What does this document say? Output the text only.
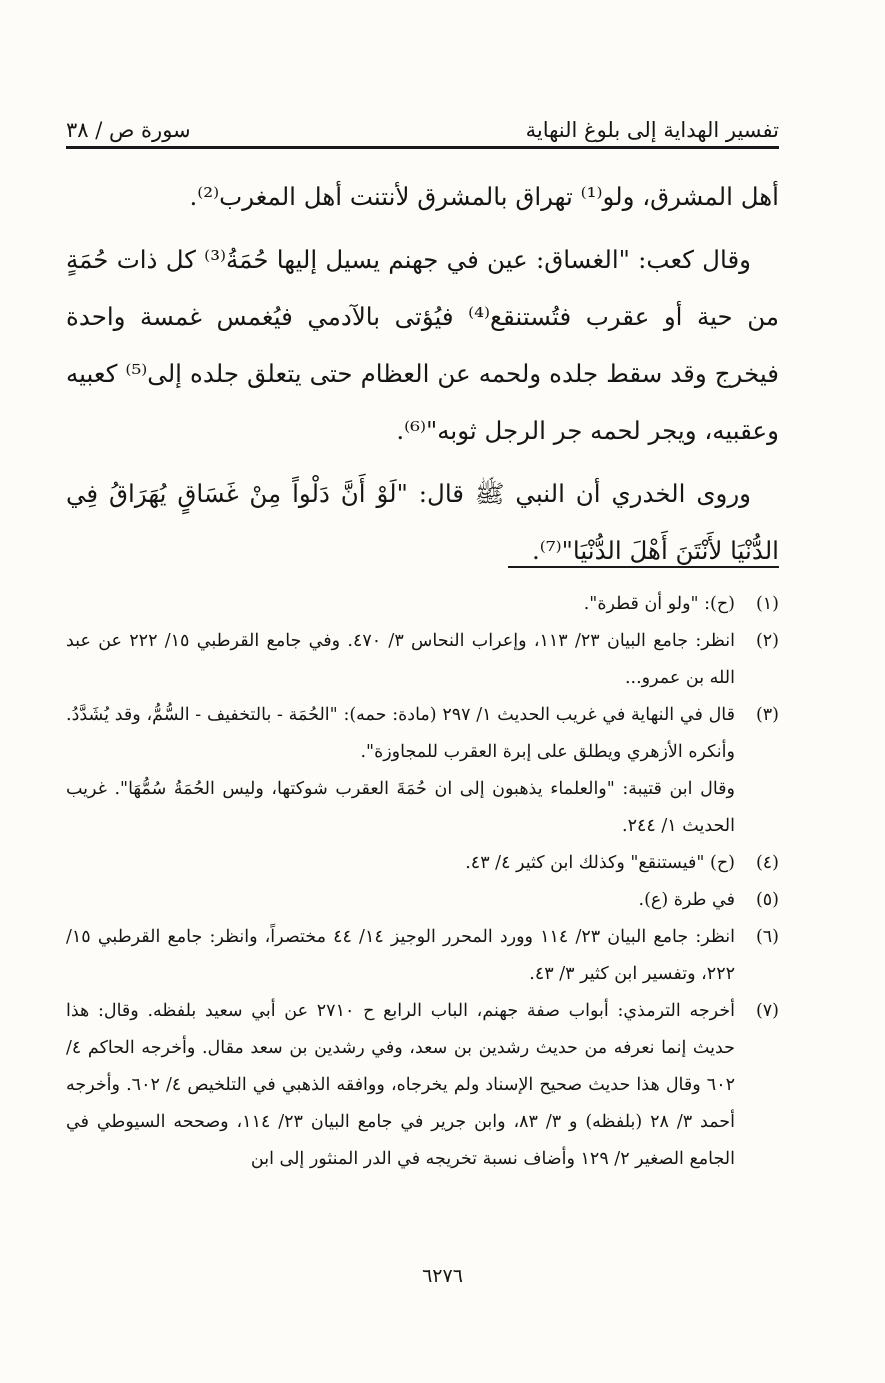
تفسير الهداية إلى بلوغ النهاية
سورة ص / ٣٨

أهل المشرق، ولو⁽¹⁾ تهراق بالمشرق لأنتنت أهل المغرب⁽²⁾.

وقال كعب: "الغساق: عين في جهنم يسيل إليها حُمَةُ⁽³⁾ كل ذات حُمَةٍ من حية أو عقرب فتُستنقع⁽⁴⁾ فيُؤتى بالآدمي فيُغمس غمسة واحدة فيخرج وقد سقط جلده ولحمه عن العظام حتى يتعلق جلده إلى⁽⁵⁾ كعبيه وعقبيه، ويجر لحمه جر الرجل ثوبه"⁽⁶⁾.

وروى الخدري أن النبي ﷺ قال: "لَوْ أَنَّ دَلْواً مِنْ غَسَاقٍ يُهَرَاقُ فِي الدُّنْيَا لأَنْتَنَ أَهْلَ الدُّنْيَا"⁽⁷⁾.

(١)

(ح): "ولو أن قطرة".

(٢)

انظر: جامع البيان ٢٣/ ١١٣، وإعراب النحاس ٣/ ٤٧٠. وفي جامع القرطبي ١٥/ ٢٢٢ عن عبد الله بن عمرو...

(٣)

قال في النهاية في غريب الحديث ١/ ٢٩٧ (مادة: حمه): "الحُمَة - بالتخفيف - السُّمُّ، وقد يُشَدَّدُ. وأنكره الأزهري ويطلق على إبرة العقرب للمجاوزة".

وقال ابن قتيبة: "والعلماء يذهبون إلى ان حُمَةَ العقرب شوكتها، وليس الحُمَةُ سُمُّهَا". غريب الحديث ١/ ٢٤٤.

(٤)

(ح) "فيستنقع" وكذلك ابن كثير ٤/ ٤٣.

(٥)

في طرة (ع).

(٦)

انظر: جامع البيان ٢٣/ ١١٤ وورد المحرر الوجيز ١٤/ ٤٤ مختصراً، وانظر: جامع القرطبي ١٥/ ٢٢٢، وتفسير ابن كثير ٣/ ٤٣.

(٧)

أخرجه الترمذي: أبواب صفة جهنم، الباب الرابع ح ٢٧١٠ عن أبي سعيد بلفظه. وقال: هذا حديث إنما نعرفه من حديث رشدين بن سعد، وفي رشدين بن سعد مقال. وأخرجه الحاكم ٤/ ٦٠٢ وقال هذا حديث صحيح الإسناد ولم يخرجاه، ووافقه الذهبي في التلخيص ٤/ ٦٠٢. وأخرجه أحمد ٣/ ٢٨ (بلفظه) و ٣/ ٨٣، وابن جرير في جامع البيان ٢٣/ ١١٤، وصححه السيوطي في الجامع الصغير ٢/ ١٢٩ وأضاف نسبة تخريجه في الدر المنثور إلى ابن

٦٢٧٦
